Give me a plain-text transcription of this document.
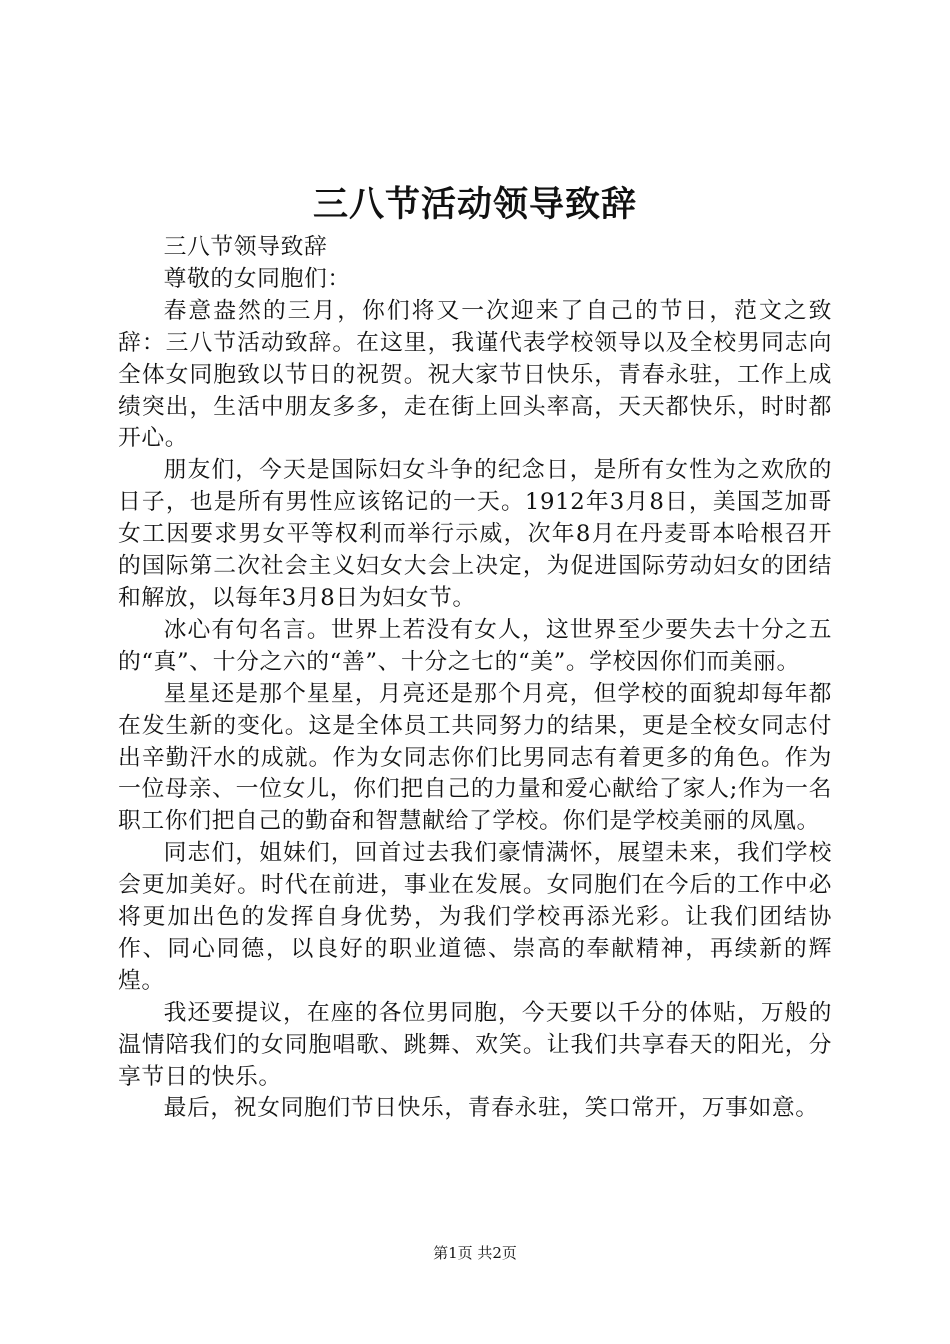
三八节活动领导致辞

三八节领导致辞

尊敬的女同胞们：

春意盎然的三月，你们将又一次迎来了自己的节日，范文之致辞：三八节活动致辞。在这里，我谨代表学校领导以及全校男同志向全体女同胞致以节日的祝贺。祝大家节日快乐，青春永驻，工作上成绩突出，生活中朋友多多，走在街上回头率高，天天都快乐，时时都开心。

朋友们，今天是国际妇女斗争的纪念日，是所有女性为之欢欣的日子，也是所有男性应该铭记的一天。1912年3月8日，美国芝加哥女工因要求男女平等权利而举行示威，次年8月在丹麦哥本哈根召开的国际第二次社会主义妇女大会上决定，为促进国际劳动妇女的团结和解放，以每年3月8日为妇女节。

冰心有句名言。世界上若没有女人，这世界至少要失去十分之五的“真”、十分之六的“善”、十分之七的“美”。学校因你们而美丽。

星星还是那个星星，月亮还是那个月亮，但学校的面貌却每年都在发生新的变化。这是全体员工共同努力的结果，更是全校女同志付出辛勤汗水的成就。作为女同志你们比男同志有着更多的角色。作为一位母亲、一位女儿，你们把自己的力量和爱心献给了家人;作为一名职工你们把自己的勤奋和智慧献给了学校。你们是学校美丽的凤凰。

同志们，姐妹们，回首过去我们豪情满怀，展望未来，我们学校会更加美好。时代在前进，事业在发展。女同胞们在今后的工作中必将更加出色的发挥自身优势，为我们学校再添光彩。让我们团结协作、同心同德，以良好的职业道德、崇高的奉献精神，再续新的辉煌。

我还要提议，在座的各位男同胞，今天要以千分的体贴，万般的温情陪我们的女同胞唱歌、跳舞、欢笑。让我们共享春天的阳光，分享节日的快乐。

最后，祝女同胞们节日快乐，青春永驻，笑口常开，万事如意。

第1页 共2页
